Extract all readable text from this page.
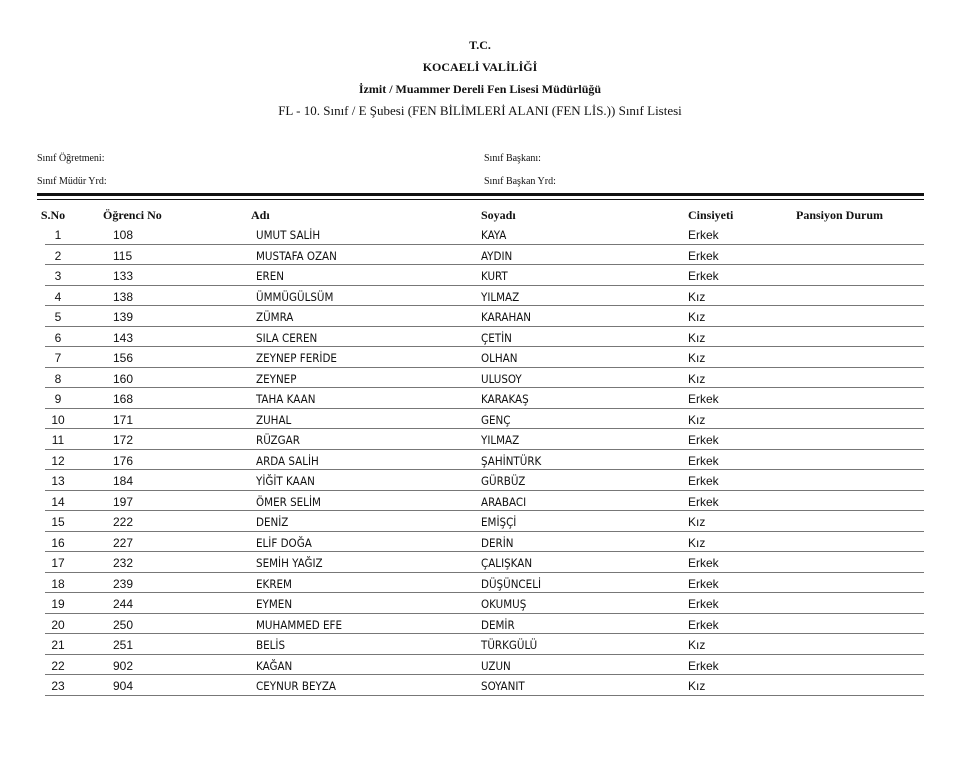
T.C.
KOCAELİ VALİLİĞİ
İzmit / Muammer Dereli Fen Lisesi Müdürlüğü
FL - 10. Sınıf / E Şubesi (FEN BİLİMLERİ ALANI (FEN LİS.)) Sınıf Listesi
Sınıf Öğretmeni:
Sınıf Müdür Yrd:
Sınıf Başkanı:
Sınıf Başkan Yrd:
S.No	Öğrenci No	Adı	Soyadı	Cinsiyeti	Pansiyon Durum
1	108	UMUT SALİH	KAYA	Erkek
2	115	MUSTAFA OZAN	AYDIN	Erkek
3	133	EREN	KURT	Erkek
4	138	ÜMMÜGÜLSÜM	YILMAZ	Kız
5	139	ZÜMRA	KARAHAN	Kız
6	143	SILA CEREN	ÇETİN	Kız
7	156	ZEYNEP FERİDE	OLHAN	Kız
8	160	ZEYNEP	ULUSOY	Kız
9	168	TAHA KAAN	KARAKAŞ	Erkek
10	171	ZUHAL	GENÇ	Kız
11	172	RÜZGAR	YILMAZ	Erkek
12	176	ARDA SALİH	ŞAHİNTÜRK	Erkek
13	184	YİĞİT KAAN	GÜRBÜZ	Erkek
14	197	ÖMER SELİM	ARABACI	Erkek
15	222	DENİZ	EMİŞÇİ	Kız
16	227	ELİF DOĞA	DERİN	Kız
17	232	SEMİH YAĞIZ	ÇALIŞKAN	Erkek
18	239	EKREM	DÜŞÜNCELİ	Erkek
19	244	EYMEN	OKUMUŞ	Erkek
20	250	MUHAMMED EFE	DEMİR	Erkek
21	251	BELİS	TÜRKGÜLÜ	Kız
22	902	KAĞAN	UZUN	Erkek
23	904	CEYNUR BEYZA	SOYANIT	Kız
